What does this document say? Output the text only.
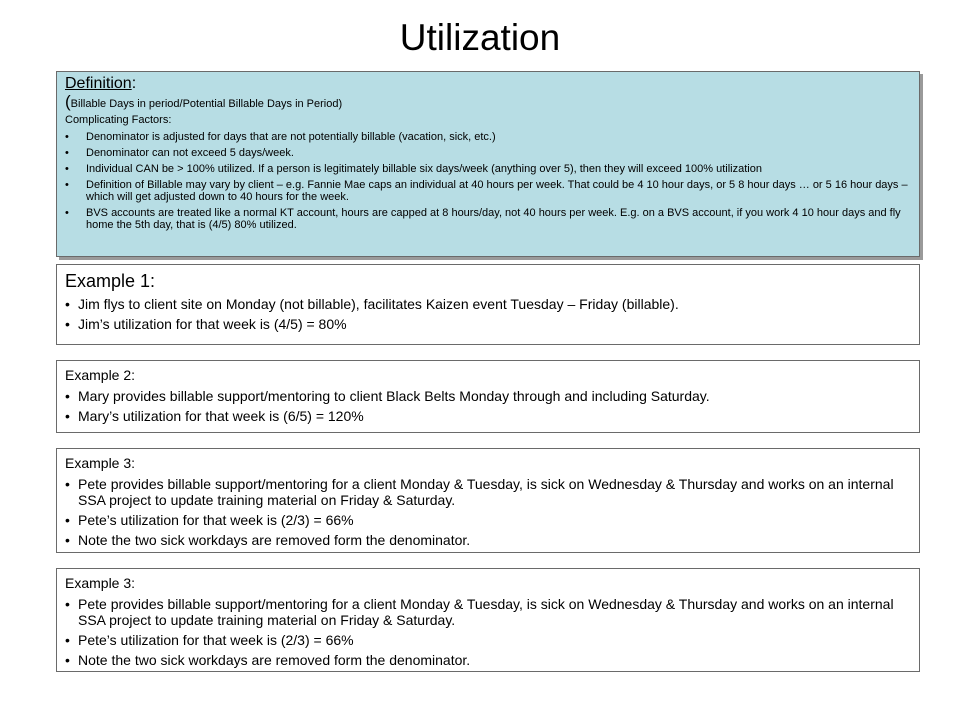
Utilization
Definition:
(Billable Days in period/Potential Billable Days in Period)
Complicating Factors:
• Denominator is adjusted for days that are not potentially billable (vacation, sick, etc.)
• Denominator can not exceed 5 days/week.
• Individual CAN be > 100% utilized. If a person is legitimately billable six days/week (anything over 5), then they will exceed 100% utilization
• Definition of Billable may vary by client – e.g. Fannie Mae caps an individual at 40 hours per week. That could be 4 10 hour days, or 5 8 hour days … or 5 16 hour days – which will get adjusted down to 40 hours for the week.
• BVS accounts are treated like a normal KT account, hours are capped at 8 hours/day, not 40 hours per week. E.g. on a BVS account, if you work 4 10 hour days and fly home the 5th day, that is (4/5) 80% utilized.
Example 1:
• Jim flys to client site on Monday (not billable), facilitates Kaizen event Tuesday – Friday (billable).
• Jim’s utilization for that week is (4/5) = 80%
Example 2:
• Mary provides billable support/mentoring to client Black Belts Monday through and including Saturday.
• Mary’s utilization for that week is (6/5) = 120%
Example 3:
• Pete provides billable support/mentoring for a client Monday & Tuesday, is sick on Wednesday & Thursday and works on an internal SSA project to update training material on Friday & Saturday.
• Pete’s utilization for that week is (2/3) = 66%
• Note the two sick workdays are removed form the denominator.
Example 3:
• Pete provides billable support/mentoring for a client Monday & Tuesday, is sick on Wednesday & Thursday and works on an internal SSA project to update training material on Friday & Saturday.
• Pete’s utilization for that week is (2/3) = 66%
• Note the two sick workdays are removed form the denominator.
